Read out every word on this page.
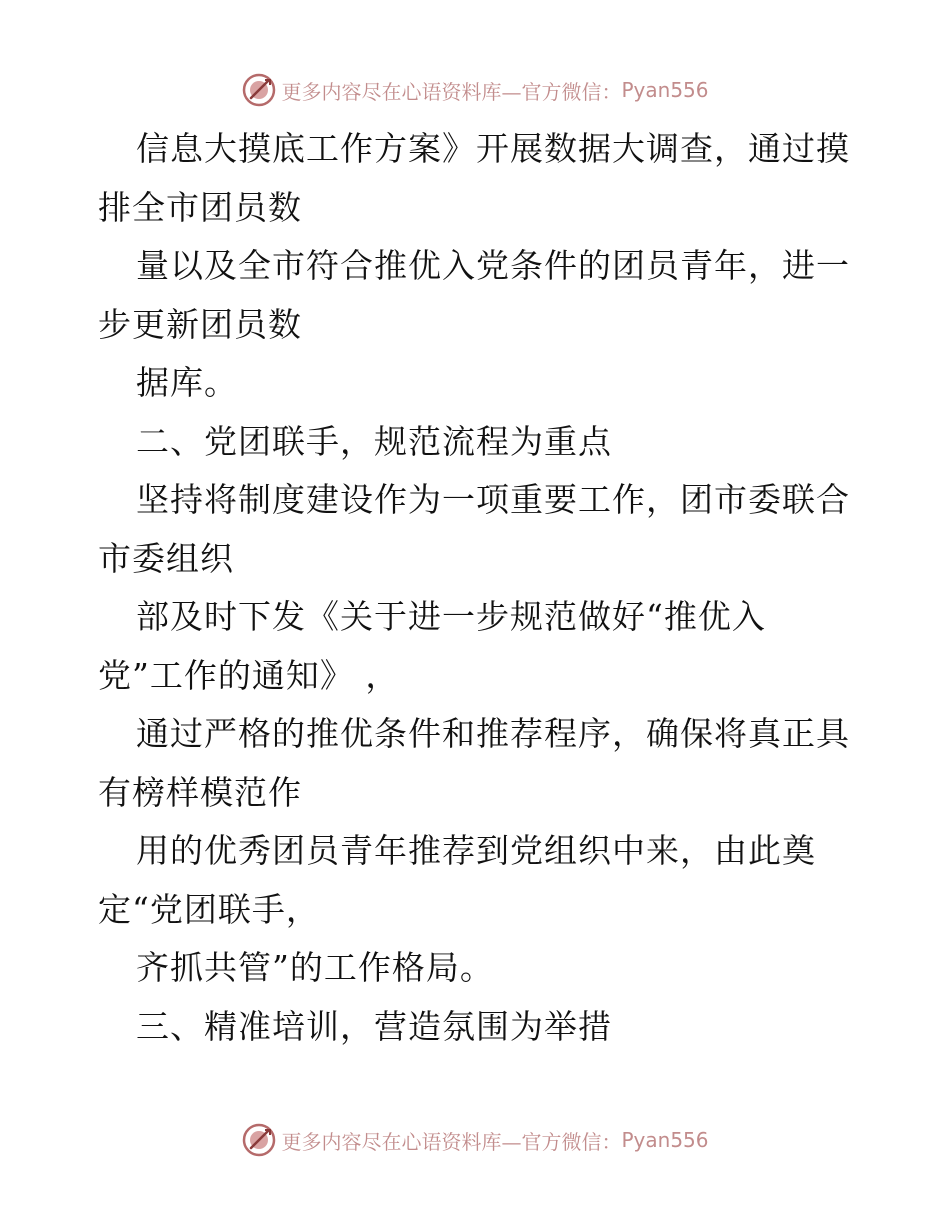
更多内容尽在心语资料库—官方微信： Pyan556
信息大摸底工作方案》开展数据大调查，通过摸
排全市团员数
量以及全市符合推优入党条件的团员青年，进一
步更新团员数
据库。
二、党团联手，规范流程为重点
坚持将制度建设作为一项重要工作，团市委联合
市委组织
部及时下发《关于进一步规范做好“推优入
党”工作的通知》 ，
通过严格的推优条件和推荐程序，确保将真正具
有榜样模范作
用的优秀团员青年推荐到党组织中来，由此奠
定“党团联手，
齐抓共管”的工作格局。
三、精准培训，营造氛围为举措
更多内容尽在心语资料库—官方微信： Pyan556
